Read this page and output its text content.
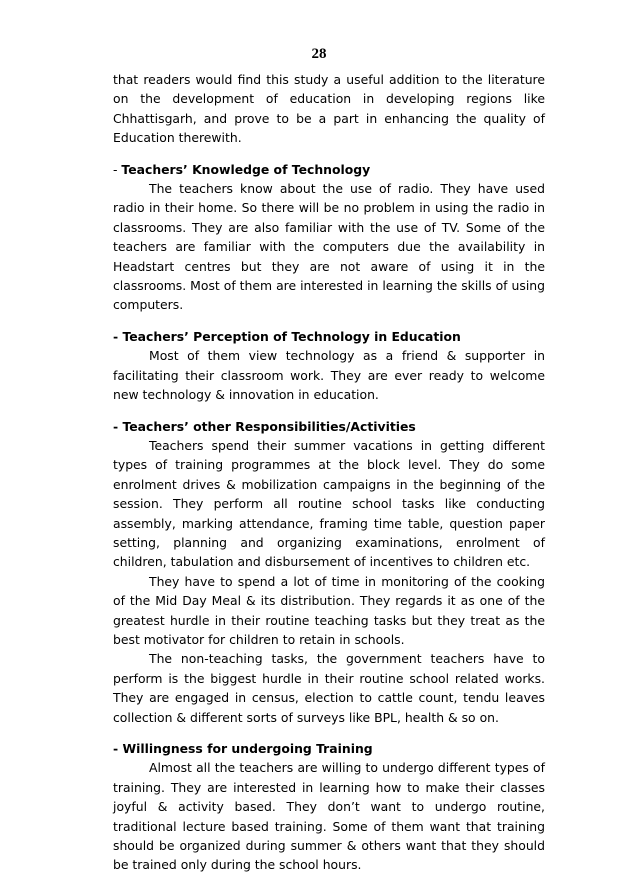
28

that readers would find this study a useful addition to the literature on the development of education in developing regions like Chhattisgarh, and prove to be a part in enhancing the quality of Education therewith.

- Teachers’ Knowledge of Technology

The teachers know about the use of radio. They have used radio in their home. So there will be no problem in using the radio in classrooms. They are also familiar with the use of TV. Some of the teachers are familiar with the computers due the availability in Headstart centres but they are not aware of using it in the classrooms. Most of them are interested in learning the skills of using computers.

- Teachers’ Perception of Technology in Education

Most of them view technology as a friend & supporter in facilitating their classroom work. They are ever ready to welcome new technology & innovation in education.

- Teachers’ other Responsibilities/Activities

Teachers spend their summer vacations in getting different types of training programmes at the block level. They do some enrolment drives & mobilization campaigns in the beginning of the session. They perform all routine school tasks like conducting assembly, marking attendance, framing time table, question paper setting, planning and organizing examinations, enrolment of children, tabulation and disbursement of incentives to children etc.

They have to spend a lot of time in monitoring of the cooking of the Mid Day Meal & its distribution. They regards it as one of the greatest hurdle in their routine teaching tasks but they treat as the best motivator for children to retain in schools.

The non-teaching tasks, the government teachers have to perform is the biggest hurdle in their routine school related works. They are engaged in census, election to cattle count, tendu leaves collection & different sorts of surveys like BPL, health & so on.

- Willingness for undergoing Training

Almost all the teachers are willing to undergo different types of training. They are interested in learning how to make their classes joyful & activity based. They don’t want to undergo routine, traditional lecture based training. Some of them want that training should be organized during summer & others want that they should be trained only during the school hours.
